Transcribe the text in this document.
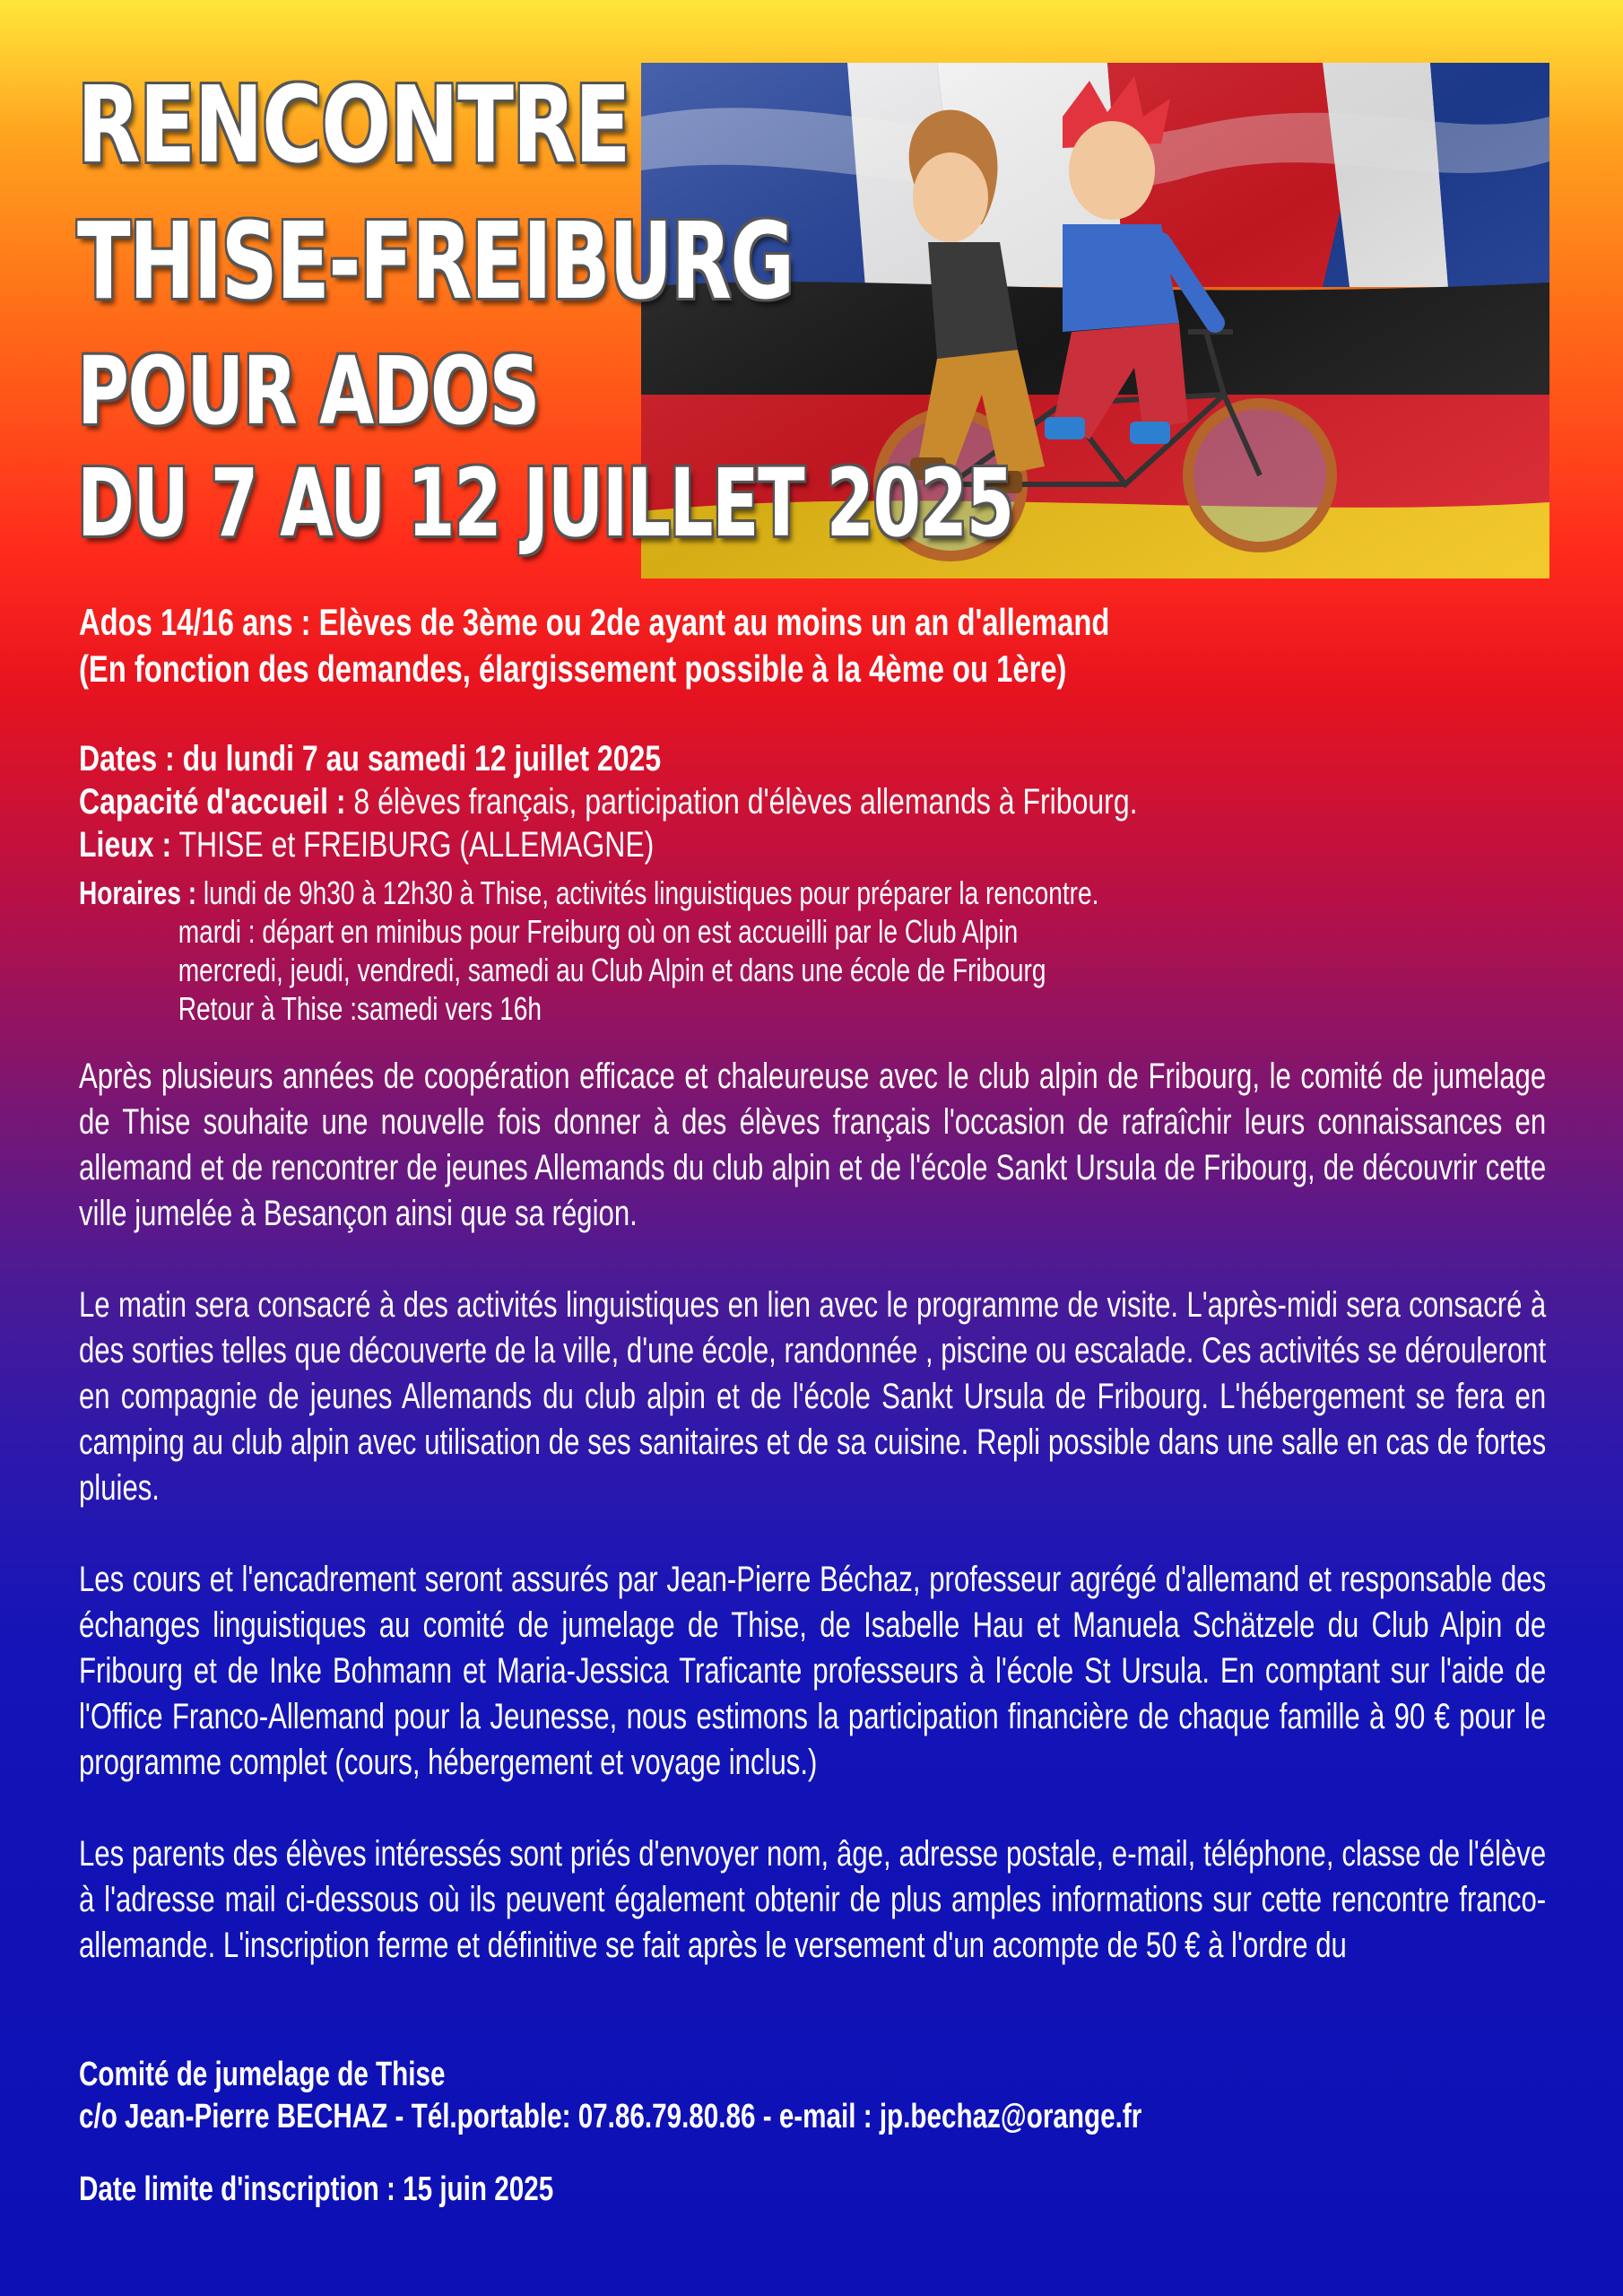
RENCONTRE
THISE-FREIBURG
POUR ADOS
DU 7 AU 12 JUILLET 2025
Ados 14/16 ans : Elèves de 3ème ou 2de ayant au moins un an d'allemand
(En fonction des demandes, élargissement possible à la 4ème ou 1ère)
Dates : du lundi 7 au samedi 12 juillet 2025
Capacité d'accueil : 8 élèves français, participation d'élèves allemands à Fribourg.
Lieux : THISE et FREIBURG (ALLEMAGNE)
Horaires : lundi de 9h30 à 12h30 à Thise, activités linguistiques pour préparer la rencontre.
mardi : départ en minibus pour Freiburg où on est accueilli par le Club Alpin
mercredi, jeudi, vendredi, samedi au Club Alpin et dans une école de Fribourg
Retour à Thise :samedi vers 16h
Après plusieurs années de coopération efficace et chaleureuse avec le club alpin de Fribourg, le comité de jumelage de Thise souhaite une nouvelle fois donner à des élèves français l'occasion de rafraîchir leurs connaissances en allemand et de rencontrer de jeunes Allemands du club alpin et de l'école Sankt Ursula de Fribourg, de découvrir cette ville jumelée à Besançon ainsi que sa région.
Le matin sera consacré à des activités linguistiques en lien avec le programme de visite. L'après-midi sera consacré à des sorties telles que découverte de la ville, d'une école, randonnée , piscine ou escalade. Ces activités se dérouleront en compagnie de jeunes Allemands du club alpin et de l'école Sankt Ursula de Fribourg. L'hébergement se fera en camping au club alpin avec utilisation de ses sanitaires et de sa cuisine. Repli possible dans une salle en cas de fortes pluies.
Les cours et l'encadrement seront assurés par Jean-Pierre Béchaz, professeur agrégé d'allemand et responsable des échanges linguistiques au comité de jumelage de Thise, de Isabelle Hau et Manuela Schätzele du Club Alpin de Fribourg et de Inke Bohmann et Maria-Jessica Traficante professeurs à l'école St Ursula. En comptant sur l'aide de l'Office Franco-Allemand pour la Jeunesse, nous estimons la participation financière de chaque famille à 90 € pour le programme complet (cours, hébergement et voyage inclus.)
Les parents des élèves intéressés sont priés d'envoyer nom, âge, adresse postale, e-mail, téléphone, classe de l'élève à l'adresse mail ci-dessous où ils peuvent également obtenir de plus amples informations sur cette rencontre franco-allemande. L'inscription ferme et définitive se fait après le versement d'un acompte de 50 € à l'ordre du
Comité de jumelage de Thise
c/o Jean-Pierre BECHAZ - Tél.portable: 07.86.79.80.86 - e-mail : jp.bechaz@orange.fr
Date limite d'inscription : 15 juin 2025
